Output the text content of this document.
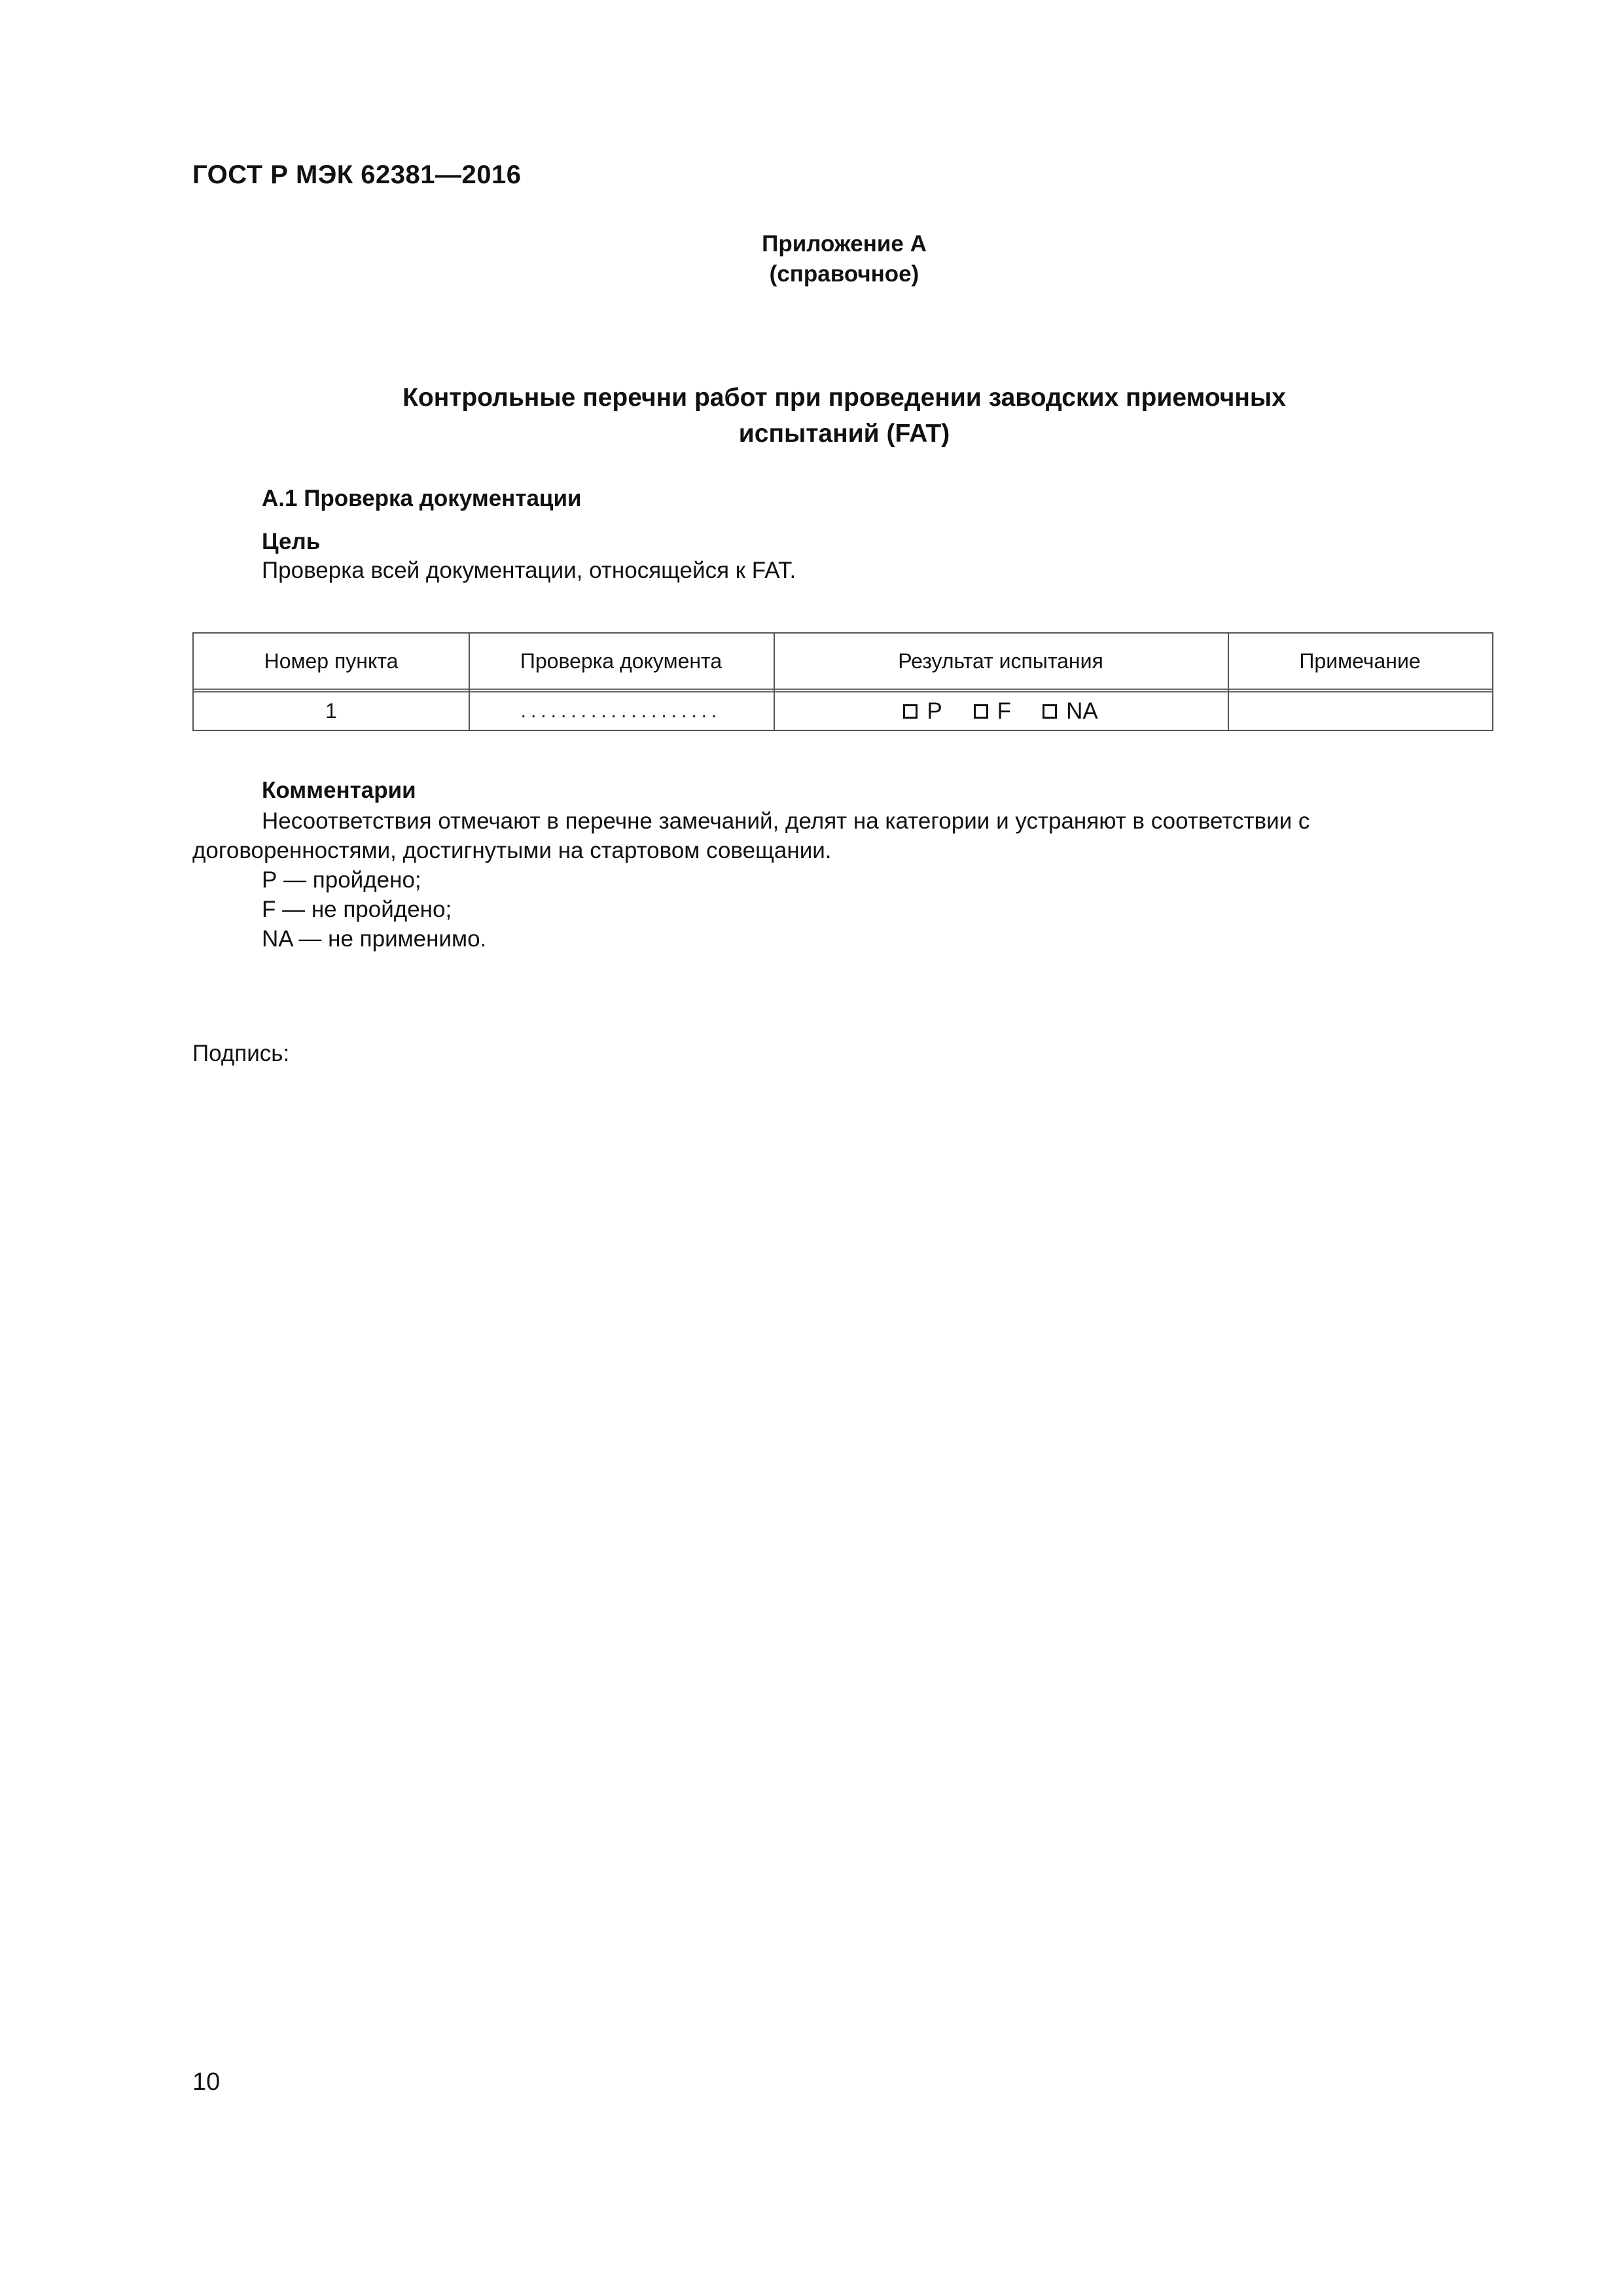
ГОСТ Р МЭК 62381—2016
Приложение А
(справочное)
Контрольные перечни работ при проведении заводских приемочных
испытаний (FAT)
А.1 Проверка документации
Цель
Проверка всей документации, относящейся к FAT.
Номер пункта	Проверка документа	Результат испытания	Примечание
1	....................	P F NA
Комментарии
Несоответствия отмечают в перечне замечаний, делят на категории и устраняют в соответствии с договоренностями, достигнутыми на стартовом совещании.
Р — пройдено;
F — не пройдено;
NA — не применимо.
Подпись:
10
